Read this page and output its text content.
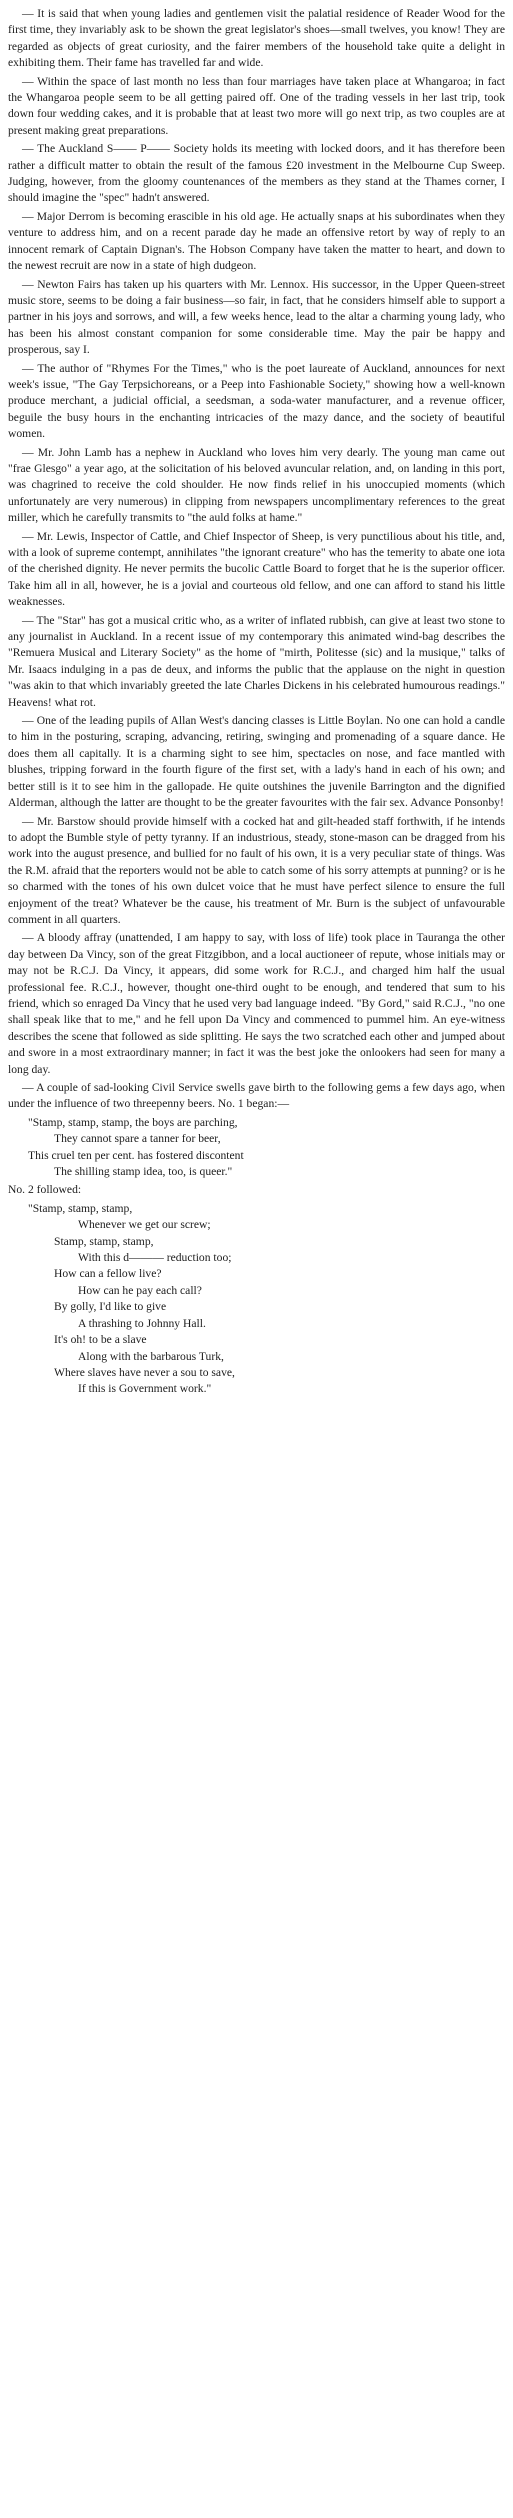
— It is said that when young ladies and gentlemen visit the palatial residence of Reader Wood for the first time, they invariably ask to be shown the great legislator's shoes—small twelves, you know! They are regarded as objects of great curiosity, and the fairer members of the household take quite a delight in exhibiting them. Their fame has travelled far and wide.

— Within the space of last month no less than four marriages have taken place at Whangaroa; in fact the Whangaroa people seem to be all getting paired off. One of the trading vessels in her last trip, took down four wedding cakes, and it is probable that at least two more will go next trip, as two couples are at present making great preparations.

— The Auckland S—— P—— Society holds its meeting with locked doors, and it has therefore been rather a difficult matter to obtain the result of the famous £20 investment in the Melbourne Cup Sweep. Judging, however, from the gloomy countenances of the members as they stand at the Thames corner, I should imagine the "spec" hadn't answered.

— Major Derrom is becoming erascible in his old age. He actually snaps at his subordinates when they venture to address him, and on a recent parade day he made an offensive retort by way of reply to an innocent remark of Captain Dignan's. The Hobson Company have taken the matter to heart, and down to the newest recruit are now in a state of high dudgeon.

— Newton Fairs has taken up his quarters with Mr. Lennox. His successor, in the Upper Queen-street music store, seems to be doing a fair business—so fair, in fact, that he considers himself able to support a partner in his joys and sorrows, and will, a few weeks hence, lead to the altar a charming young lady, who has been his almost constant companion for some considerable time. May the pair be happy and prosperous, say I.

— The author of "Rhymes For the Times," who is the poet laureate of Auckland, announces for next week's issue, "The Gay Terpsichoreans, or a Peep into Fashionable Society," showing how a well-known produce merchant, a judicial official, a seedsman, a soda-water manufacturer, and a revenue officer, beguile the busy hours in the enchanting intricacies of the mazy dance, and the society of beautiful women.

— Mr. John Lamb has a nephew in Auckland who loves him very dearly. The young man came out "frae Glesgo" a year ago, at the solicitation of his beloved avuncular relation, and, on landing in this port, was chagrined to receive the cold shoulder. He now finds relief in his unoccupied moments (which unfortunately are very numerous) in clipping from newspapers uncomplimentary references to the great miller, which he carefully transmits to "the auld folks at hame."

— Mr. Lewis, Inspector of Cattle, and Chief Inspector of Sheep, is very punctilious about his title, and, with a look of supreme contempt, annihilates "the ignorant creature" who has the temerity to abate one iota of the cherished dignity. He never permits the bucolic Cattle Board to forget that he is the superior officer. Take him all in all, however, he is a jovial and courteous old fellow, and one can afford to stand his little weaknesses.

— The "Star" has got a musical critic who, as a writer of inflated rubbish, can give at least two stone to any journalist in Auckland. In a recent issue of my contemporary this animated wind-bag describes the "Remuera Musical and Literary Society" as the home of "mirth, Politesse (sic) and la musique," talks of Mr. Isaacs indulging in a pas de deux, and informs the public that the applause on the night in question "was akin to that which invariably greeted the late Charles Dickens in his celebrated humourous readings." Heavens! what rot.

— One of the leading pupils of Allan West's dancing classes is Little Boylan. No one can hold a candle to him in the posturing, scraping, advancing, retiring, swinging and promenading of a square dance. He does them all capitally. It is a charming sight to see him, spectacles on nose, and face mantled with blushes, tripping forward in the fourth figure of the first set, with a lady's hand in each of his own; and better still is it to see him in the gallopade. He quite outshines the juvenile Barrington and the dignified Alderman, although the latter are thought to be the greater favourites with the fair sex. Advance Ponsonby!

— Mr. Barstow should provide himself with a cocked hat and gilt-headed staff forthwith, if he intends to adopt the Bumble style of petty tyranny. If an industrious, steady, stone-mason can be dragged from his work into the august presence, and bullied for no fault of his own, it is a very peculiar state of things. Was the R.M. afraid that the reporters would not be able to catch some of his sorry attempts at punning? or is he so charmed with the tones of his own dulcet voice that he must have perfect silence to ensure the full enjoyment of the treat? Whatever be the cause, his treatment of Mr. Burn is the subject of unfavourable comment in all quarters.

— A bloody affray (unattended, I am happy to say, with loss of life) took place in Tauranga the other day between Da Vincy, son of the great Fitzgibbon, and a local auctioneer of repute, whose initials may or may not be R.C.J. Da Vincy, it appears, did some work for R.C.J., and charged him half the usual professional fee. R.C.J., however, thought one-third ought to be enough, and tendered that sum to his friend, which so enraged Da Vincy that he used very bad language indeed. "By Gord," said R.C.J., "no one shall speak like that to me," and he fell upon Da Vincy and commenced to pummel him. An eye-witness describes the scene that followed as side splitting. He says the two scratched each other and jumped about and swore in a most extraordinary manner; in fact it was the best joke the onlookers had seen for many a long day.

— A couple of sad-looking Civil Service swells gave birth to the following gems a few days ago, when under the influence of two threepenny beers. No. 1 began:—

"Stamp, stamp, stamp, the boys are parching,
They cannot spare a tanner for beer,
This cruel ten per cent. has fostered discontent
The shilling stamp idea, too, is queer."

No. 2 followed:

"Stamp, stamp, stamp,
Whenever we get our screw;
Stamp, stamp, stamp,
With this d——— reduction too;
How can a fellow live?
How can he pay each call?
By golly, I'd like to give
A thrashing to Johnny Hall.
It's oh! to be a slave
Along with the barbarous Turk,
Where slaves have never a sou to save,
If this is Government work."
